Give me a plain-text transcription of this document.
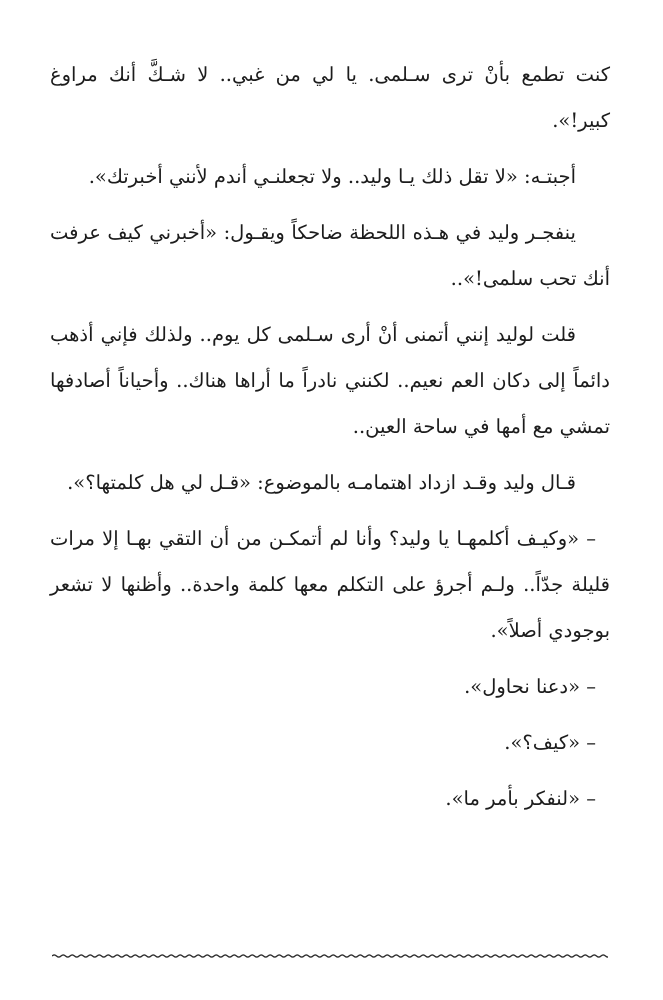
كنت تطمع بأنْ ترى سـلمى. يا لي من غبي.. لا شـكَّ أنك مراوغ كبير!».

أجبتـه: «لا تقل ذلك يـا وليد.. ولا تجعلنـي أندم لأنني أخبرتك».

ينفجـر وليد في هـذه اللحظة ضاحكاً ويقـول: «أخبرني كيف عرفت أنك تحب سلمى!»..

قلت لوليد إنني أتمنى أنْ أرى سـلمى كل يوم.. ولذلك فإني أذهب دائماً إلى دكان العم نعيم.. لكنني نادراً ما أراها هناك.. وأحياناً أصادفها تمشي مع أمها في ساحة العين..

قـال وليد وقـد ازداد اهتمامـه بالموضوع: «قـل لي هل كلمتها؟».

– «وكيـف أكلمهـا يا وليد؟ وأنا لم أتمكـن من أن التقي بهـا إلا مرات قليلة جدّاً.. ولـم أجرؤ على التكلم معها كلمة واحدة.. وأظنها لا تشعر بوجودي أصلاً».

– «دعنا نحاول».

– «كيف؟».

– «لنفكر بأمر ما».
